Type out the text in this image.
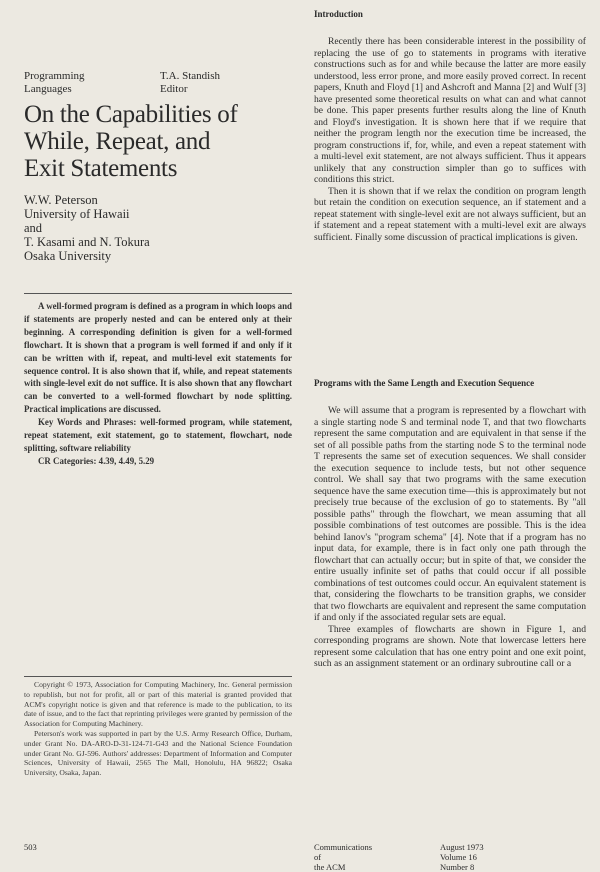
Programming
Languages
T.A. Standish
Editor
On the Capabilities of
While, Repeat, and
Exit Statements
W.W. Peterson
University of Hawaii
and
T. Kasami and N. Tokura
Osaka University

A well-formed program is defined as a program in which loops and if statements are properly nested and can be entered only at their beginning. A corresponding definition is given for a well-formed flowchart. It is shown that a program is well formed if and only if it can be written with if, repeat, and multi-level exit statements for sequence control. It is also shown that if, while, and repeat statements with single-level exit do not suffice. It is also shown that any flowchart can be converted to a well-formed flowchart by node splitting. Practical implications are discussed.

Key Words and Phrases: well-formed program, while statement, repeat statement, exit statement, go to statement, flowchart, node splitting, software reliability

CR Categories: 4.39, 4.49, 5.29

Copyright © 1973, Association for Computing Machinery, Inc. General permission to republish, but not for profit, all or part of this material is granted provided that ACM's copyright notice is given and that reference is made to the publication, to its date of issue, and to the fact that reprinting privileges were granted by permission of the Association for Computing Machinery.

Peterson's work was supported in part by the U.S. Army Research Office, Durham, under Grant No. DA-ARO-D-31-124-71-G43 and the National Science Foundation under Grant No. GJ-596. Authors' addresses: Department of Information and Computer Sciences, University of Hawaii, 2565 The Mall, Honolulu, HA 96822; Osaka University, Osaka, Japan.

503
Introduction

Recently there has been considerable interest in the possibility of replacing the use of go to statements in programs with iterative constructions such as for and while because the latter are more easily understood, less error prone, and more easily proved correct. In recent papers, Knuth and Floyd [1] and Ashcroft and Manna [2] and Wulf [3] have presented some theoretical results on what can and what cannot be done. This paper presents further results along the line of Knuth and Floyd's investigation. It is shown here that if we require that neither the program length nor the execution time be increased, the program constructions if, for, while, and even a repeat statement with a multi-level exit statement, are not always sufficient. Thus it appears unlikely that any construction simpler than go to suffices with conditions this strict.

Then it is shown that if we relax the condition on program length but retain the condition on execution sequence, an if statement and a repeat statement with single-level exit are not always sufficient, but an if statement and a repeat statement with a multi-level exit are always sufficient. Finally some discussion of practical implications is given.

Programs with the Same Length and Execution Sequence

We will assume that a program is represented by a flowchart with a single starting node S and terminal node T, and that two flowcharts represent the same computation and are equivalent in that sense if the set of all possible paths from the starting node S to the terminal node T represents the same set of execution sequences. We shall consider the execution sequence to include tests, but not other sequence control. We shall say that two programs with the same execution sequence have the same execution time—this is approximately but not precisely true because of the exclusion of go to statements. By "all possible paths" through the flowchart, we mean assuming that all possible combinations of test outcomes are possible. This is the idea behind Ianov's "program schema" [4]. Note that if a program has no input data, for example, there is in fact only one path through the flowchart that can actually occur; but in spite of that, we consider the entire usually infinite set of paths that could occur if all possible combinations of test outcomes could occur. An equivalent statement is that, considering the flowcharts to be transition graphs, we consider that two flowcharts are equivalent and represent the same computation if and only if the associated regular sets are equal.

Three examples of flowcharts are shown in Figure 1, and corresponding programs are shown. Note that lowercase letters here represent some calculation that has one entry point and one exit point, such as an assignment statement or an ordinary subroutine call or a

Communications
of
the ACM
August 1973
Volume 16
Number 8
